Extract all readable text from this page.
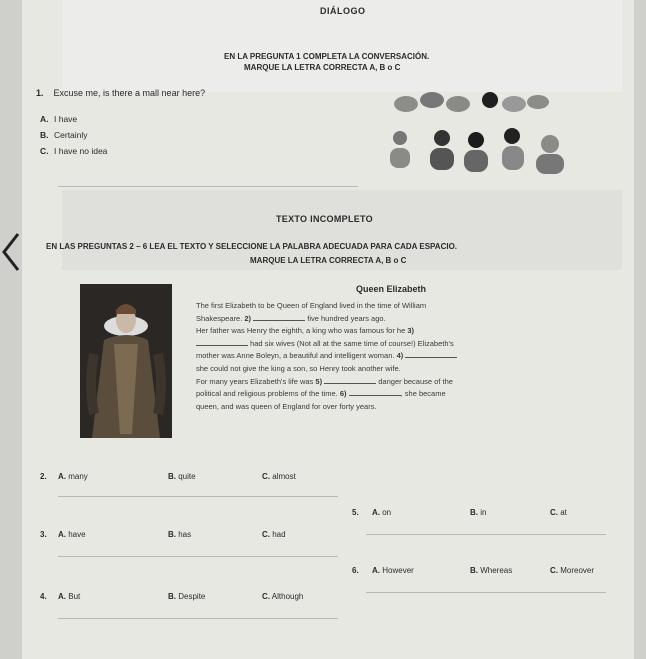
DIÁLOGO
EN LA PREGUNTA 1 COMPLETA LA CONVERSACIÓN.
MARQUE LA LETRA CORRECTA A, B o C
1. Excuse me, is there a mall near here?
A. I have
B. Certainly
C. I have no idea
TEXTO INCOMPLETO
EN LAS PREGUNTAS 2 – 6 LEA EL TEXTO Y SELECCIONE LA PALABRA ADECUADA PARA CADA ESPACIO.
MARQUE LA LETRA CORRECTA A, B o C
Queen Elizabeth
The first Elizabeth to be Queen of England lived in the time of William
Shakespeare. 2)	five hundred years ago.
Her father was Henry the eighth, a king who was famous for he 3)
had six wives (Not all at the same time of course!) Elizabeth's
mother was Anne Boleyn, a beautiful and intelligent woman. 4)
she could not give the king a son, so Henry took another wife.
For many years Elizabeth's life was 5)	danger because of the
political and religious problems of the time. 6)	, she became
queen, and was queen of England for over forty years.
2. A. many	B. quite	C. almost
3. A. have	B. has	C. had
4. A. But	B. Despite	C. Although
5. A. on	B. in	C. at
6. A. However	B. Whereas	C. Moreover
